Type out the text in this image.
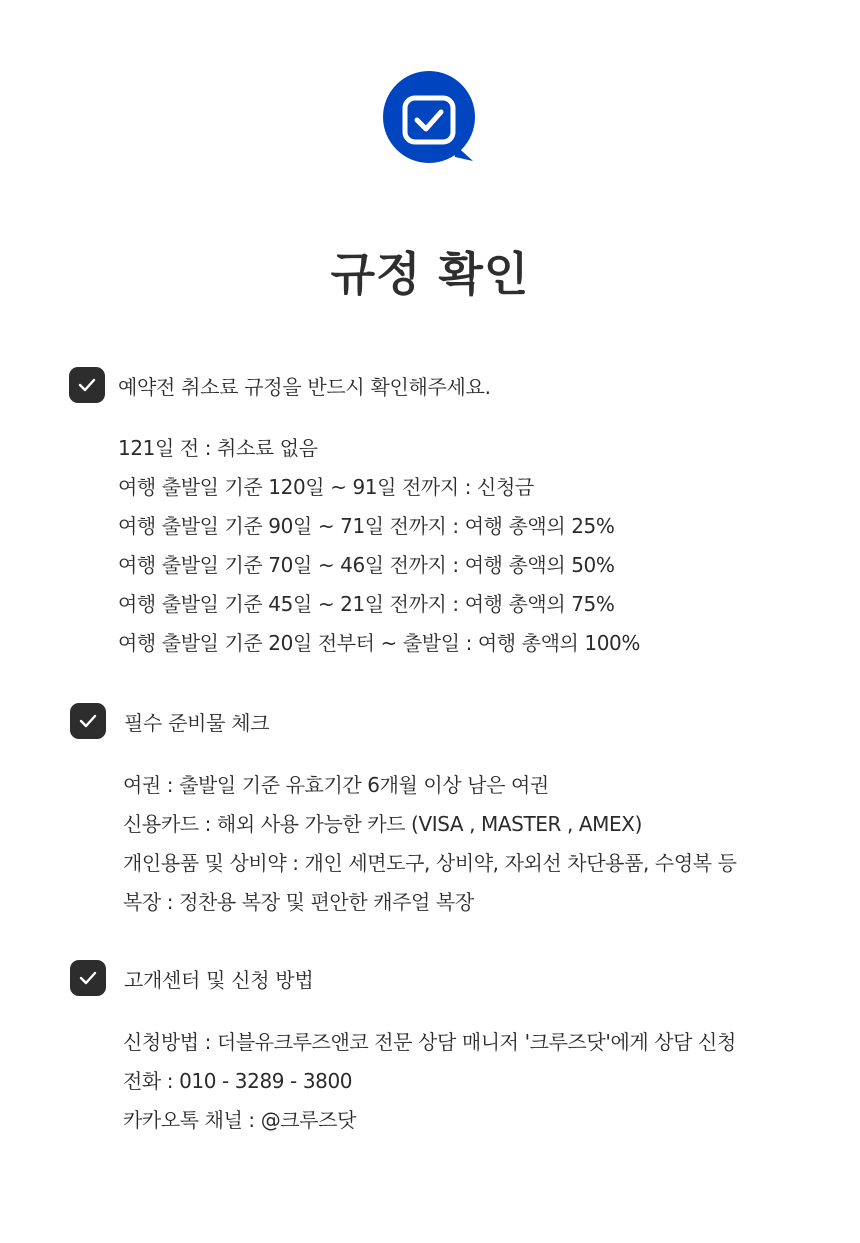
규정 확인
예약전 취소료 규정을 반드시 확인해주세요.
121일 전 : 취소료 없음
여행 출발일 기준 120일 ~ 91일 전까지 : 신청금
여행 출발일 기준 90일 ~ 71일 전까지 : 여행 총액의 25%
여행 출발일 기준 70일 ~ 46일 전까지 : 여행 총액의 50%
여행 출발일 기준 45일 ~ 21일 전까지 : 여행 총액의 75%
여행 출발일 기준 20일 전부터 ~ 출발일 : 여행 총액의 100%
필수 준비물 체크
여권 : 출발일 기준 유효기간 6개월 이상 남은 여권
신용카드 : 해외 사용 가능한 카드 (VISA , MASTER , AMEX)
개인용품 및 상비약 : 개인 세면도구, 상비약, 자외선 차단용품, 수영복 등
복장 : 정찬용 복장 및 편안한 캐주얼 복장
고개센터 및 신청 방법
신청방법 : 더블유크루즈앤코 전문 상담 매니저 '크루즈닷'에게 상담 신청
전화 : 010 - 3289 - 3800
카카오톡 채널 : @크루즈닷
